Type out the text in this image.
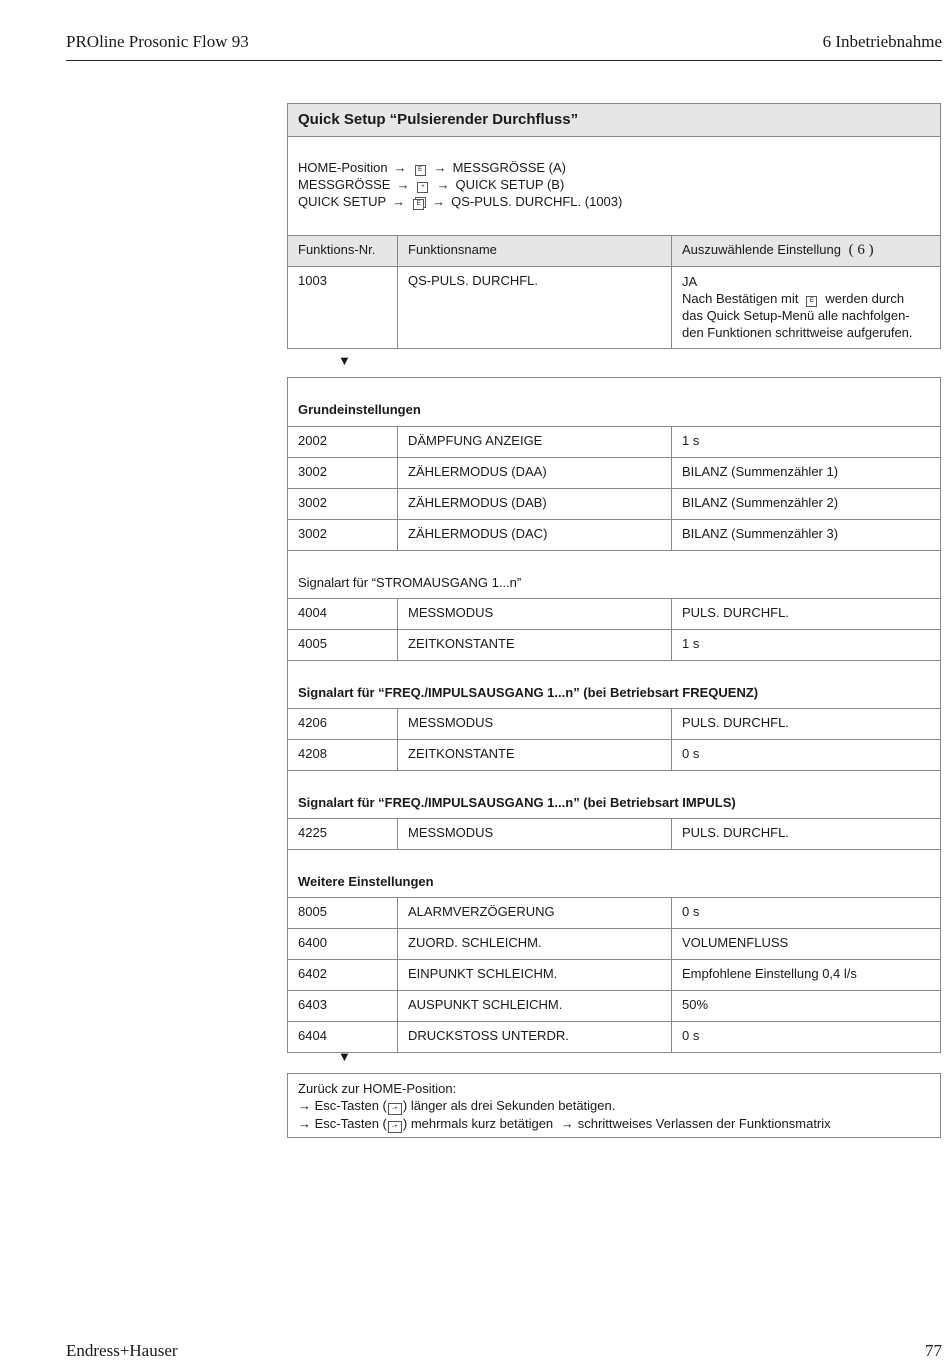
PROline Prosonic Flow 93	6 Inbetriebnahme
Quick Setup “Pulsierender Durchfluss”
HOME-Position → E → MESSGRÖSSE (A)
MESSGRÖSSE → + → QUICK SETUP (B)
QUICK SETUP → E → QS-PULS. DURCHFL. (1003)
Funktions-Nr.	Funktionsname	Auszuwählende Einstellung ( 6 )
1003	QS-PULS. DURCHFL.	JA
Nach Bestätigen mit E werden durch
das Quick Setup-Menü alle nachfolgen-
den Funktionen schrittweise aufgerufen.
▼
Grundeinstellungen
2002	DÄMPFUNG ANZEIGE	1 s
3002	ZÄHLERMODUS (DAA)	BILANZ (Summenzähler 1)
3002	ZÄHLERMODUS (DAB)	BILANZ (Summenzähler 2)
3002	ZÄHLERMODUS (DAC)	BILANZ (Summenzähler 3)
Signalart für “STROMAUSGANG 1...n”
4004	MESSMODUS	PULS. DURCHFL.
4005	ZEITKONSTANTE	1 s
Signalart für “FREQ./IMPULSAUSGANG 1...n” (bei Betriebsart FREQUENZ)
4206	MESSMODUS	PULS. DURCHFL.
4208	ZEITKONSTANTE	0 s
Signalart für “FREQ./IMPULSAUSGANG 1...n” (bei Betriebsart IMPULS)
4225	MESSMODUS	PULS. DURCHFL.
Weitere Einstellungen
8005	ALARMVERZÖGERUNG	0 s
6400	ZUORD. SCHLEICHM.	VOLUMENFLUSS
6402	EINPUNKT SCHLEICHM.	Empfohlene Einstellung 0,4 l/s
6403	AUSPUNKT SCHLEICHM.	50%
6404	DRUCKSTOSS UNTERDR.	0 s
▼
Zurück zur HOME-Position:
→ Esc-Tasten ( -+ ) länger als drei Sekunden betätigen.
→ Esc-Tasten ( -+ ) mehrmals kurz betätigen → schrittweises Verlassen der Funktionsmatrix
Endress+Hauser	77
